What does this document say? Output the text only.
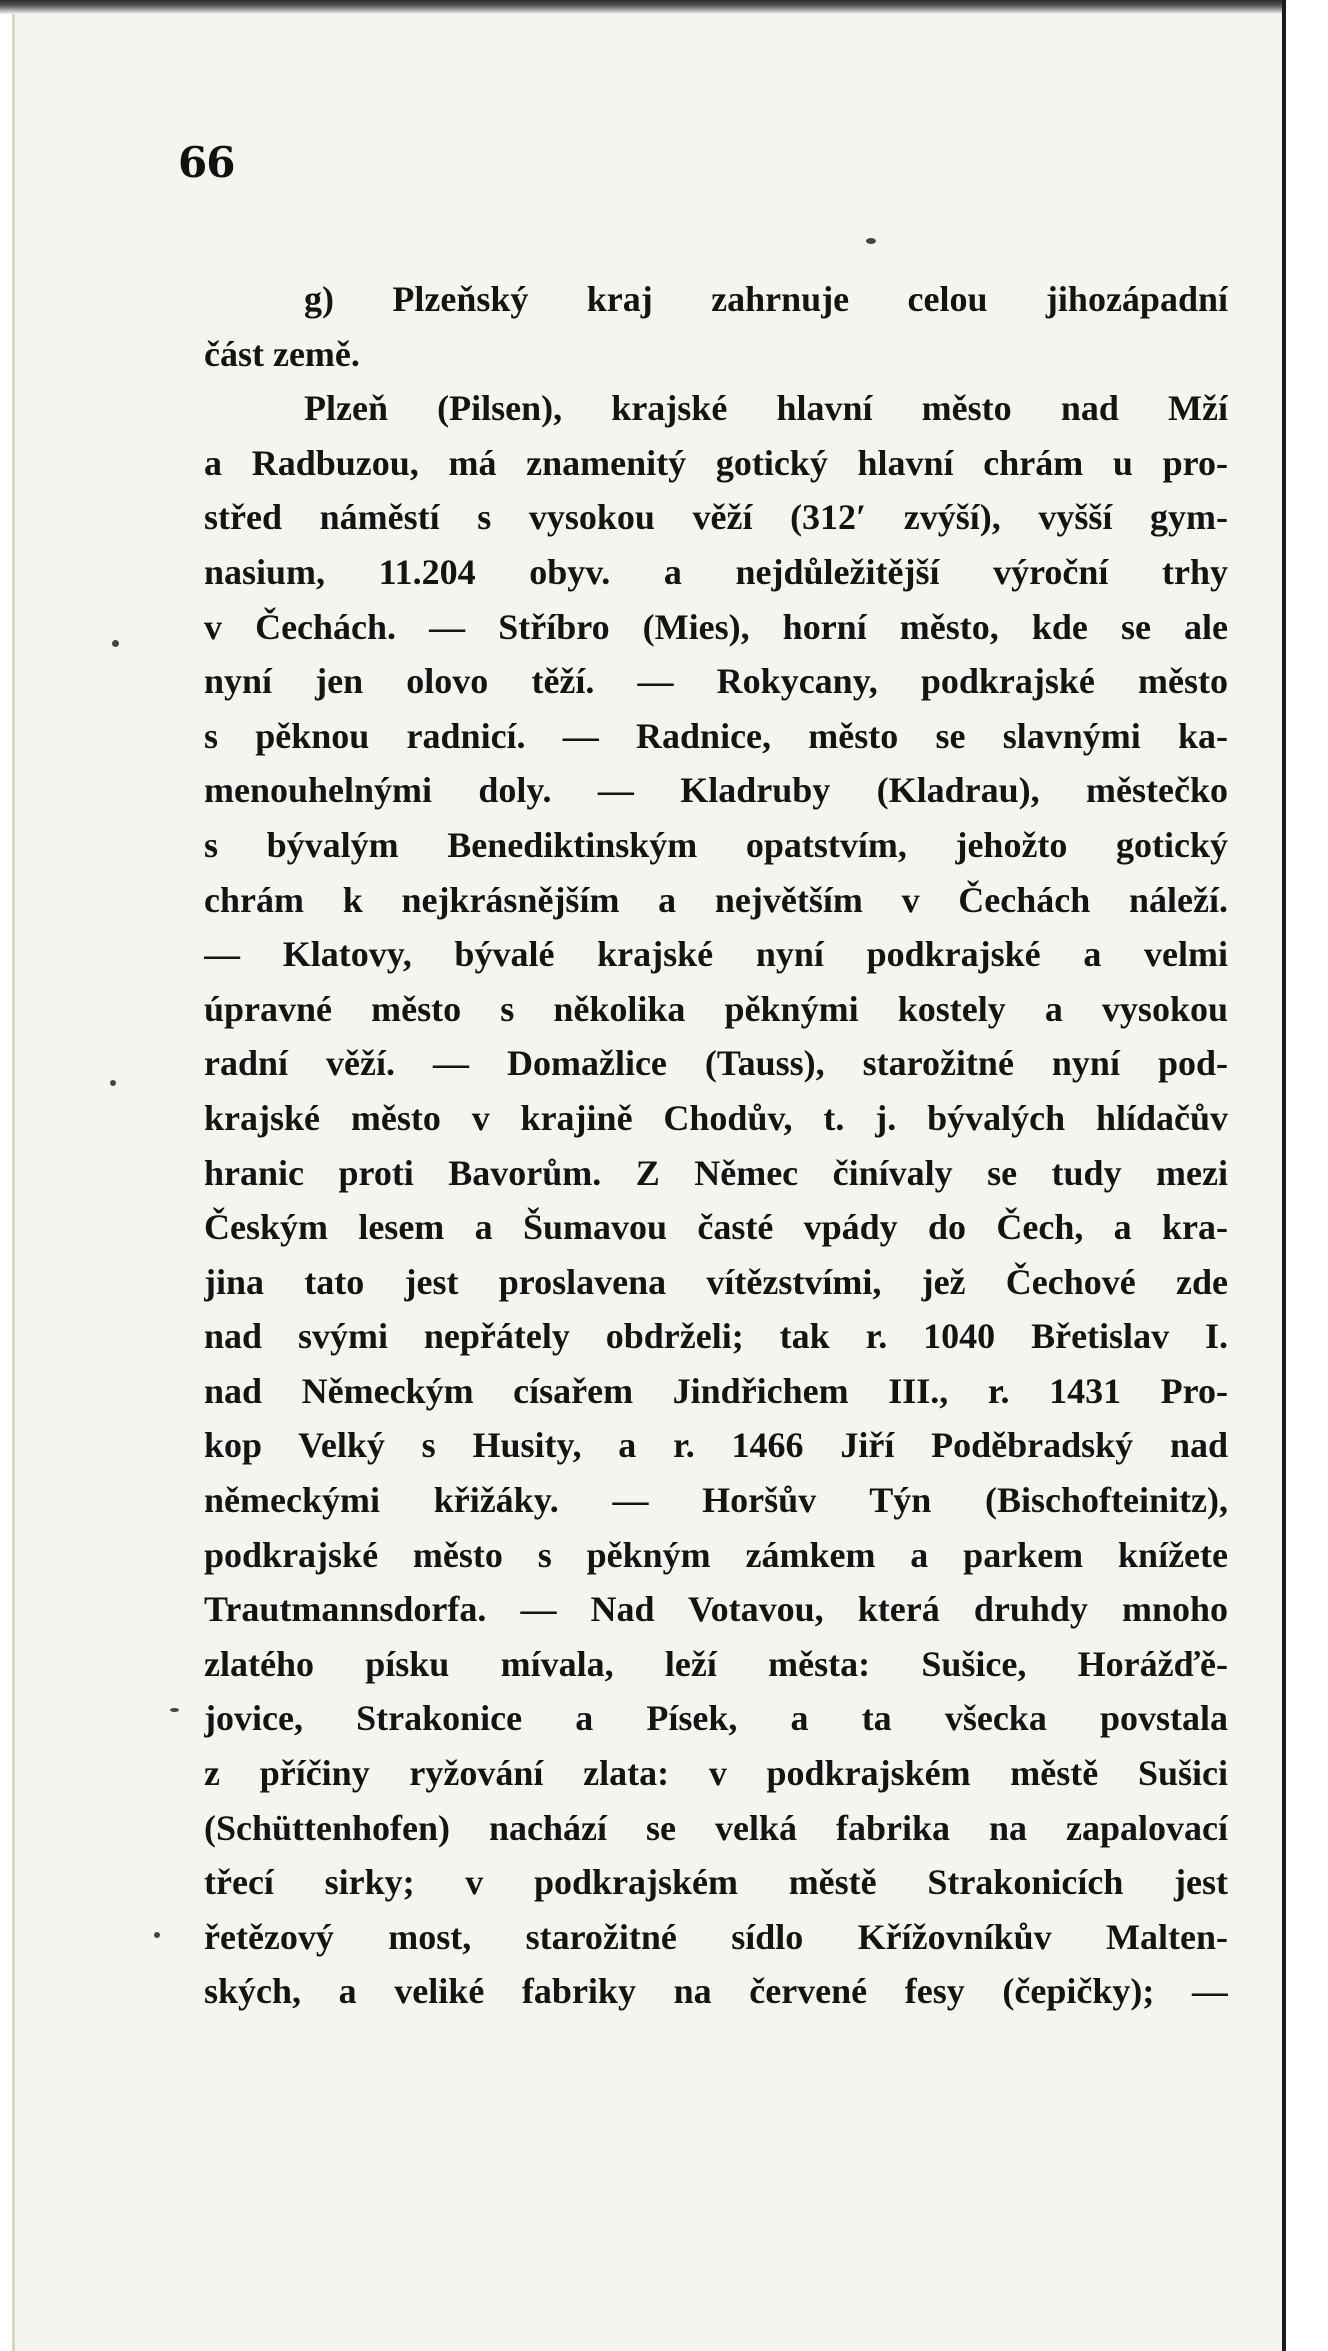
66
g) Plzeňský kraj zahrnuje celou jihozápadní
část země.
Plzeň (Pilsen), krajské hlavní město nad Mží
a Radbuzou, má znamenitý gotický hlavní chrám u pro-
střed náměstí s vysokou věží (312′ zvýší), vyšší gym-
nasium, 11.204 obyv. a nejdůležitější výroční trhy
v Čechách. — Stříbro (Mies), horní město, kde se ale
nyní jen olovo těží. — Rokycany, podkrajské město
s pěknou radnicí. — Radnice, město se slavnými ka-
menouhelnými doly. — Kladruby (Kladrau), městečko
s bývalým Benediktinským opatstvím, jehožto gotický
chrám k nejkrásnějším a největším v Čechách náleží.
— Klatovy, bývalé krajské nyní podkrajské a velmi
úpravné město s několika pěknými kostely a vysokou
radní věží. — Domažlice (Tauss), starožitné nyní pod-
krajské město v krajině Chodův, t. j. bývalých hlídačův
hranic proti Bavorům. Z Němec činívaly se tudy mezi
Českým lesem a Šumavou časté vpády do Čech, a kra-
jina tato jest proslavena vítězstvími, jež Čechové zde
nad svými nepřátely obdrželi; tak r. 1040 Břetislav I.
nad Německým císařem Jindřichem III., r. 1431 Pro-
kop Velký s Husity, a r. 1466 Jiří Poděbradský nad
německými křižáky. — Horšův Týn (Bischofteinitz),
podkrajské město s pěkným zámkem a parkem knížete
Trautmannsdorfa. — Nad Votavou, která druhdy mnoho
zlatého písku mívala, leží města: Sušice, Horážďě-
jovice, Strakonice a Písek, a ta všecka povstala
z příčiny ryžování zlata: v podkrajském městě Sušici
(Schüttenhofen) nachází se velká fabrika na zapalovací
třecí sirky; v podkrajském městě Strakonicích jest
řetězový most, starožitné sídlo Křížovníkův Malten-
ských, a veliké fabriky na červené fesy (čepičky); —
